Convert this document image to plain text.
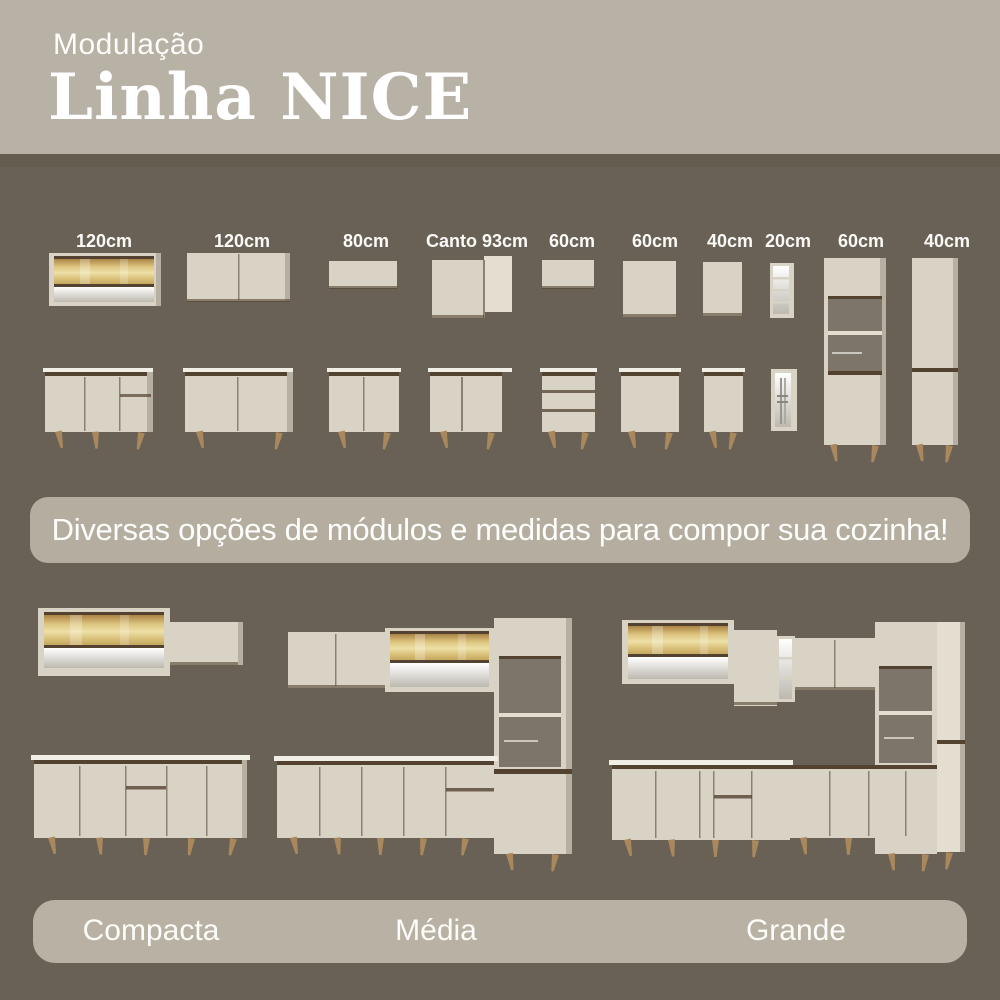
Modulação
Linha NICE
120cm	120cm	80cm Canto 93cm 60cm 60cm 40cm 20cm 60cm 40cm
Diversas opções de módulos e medidas para compor sua cozinha!
Compacta	Média	Grande
